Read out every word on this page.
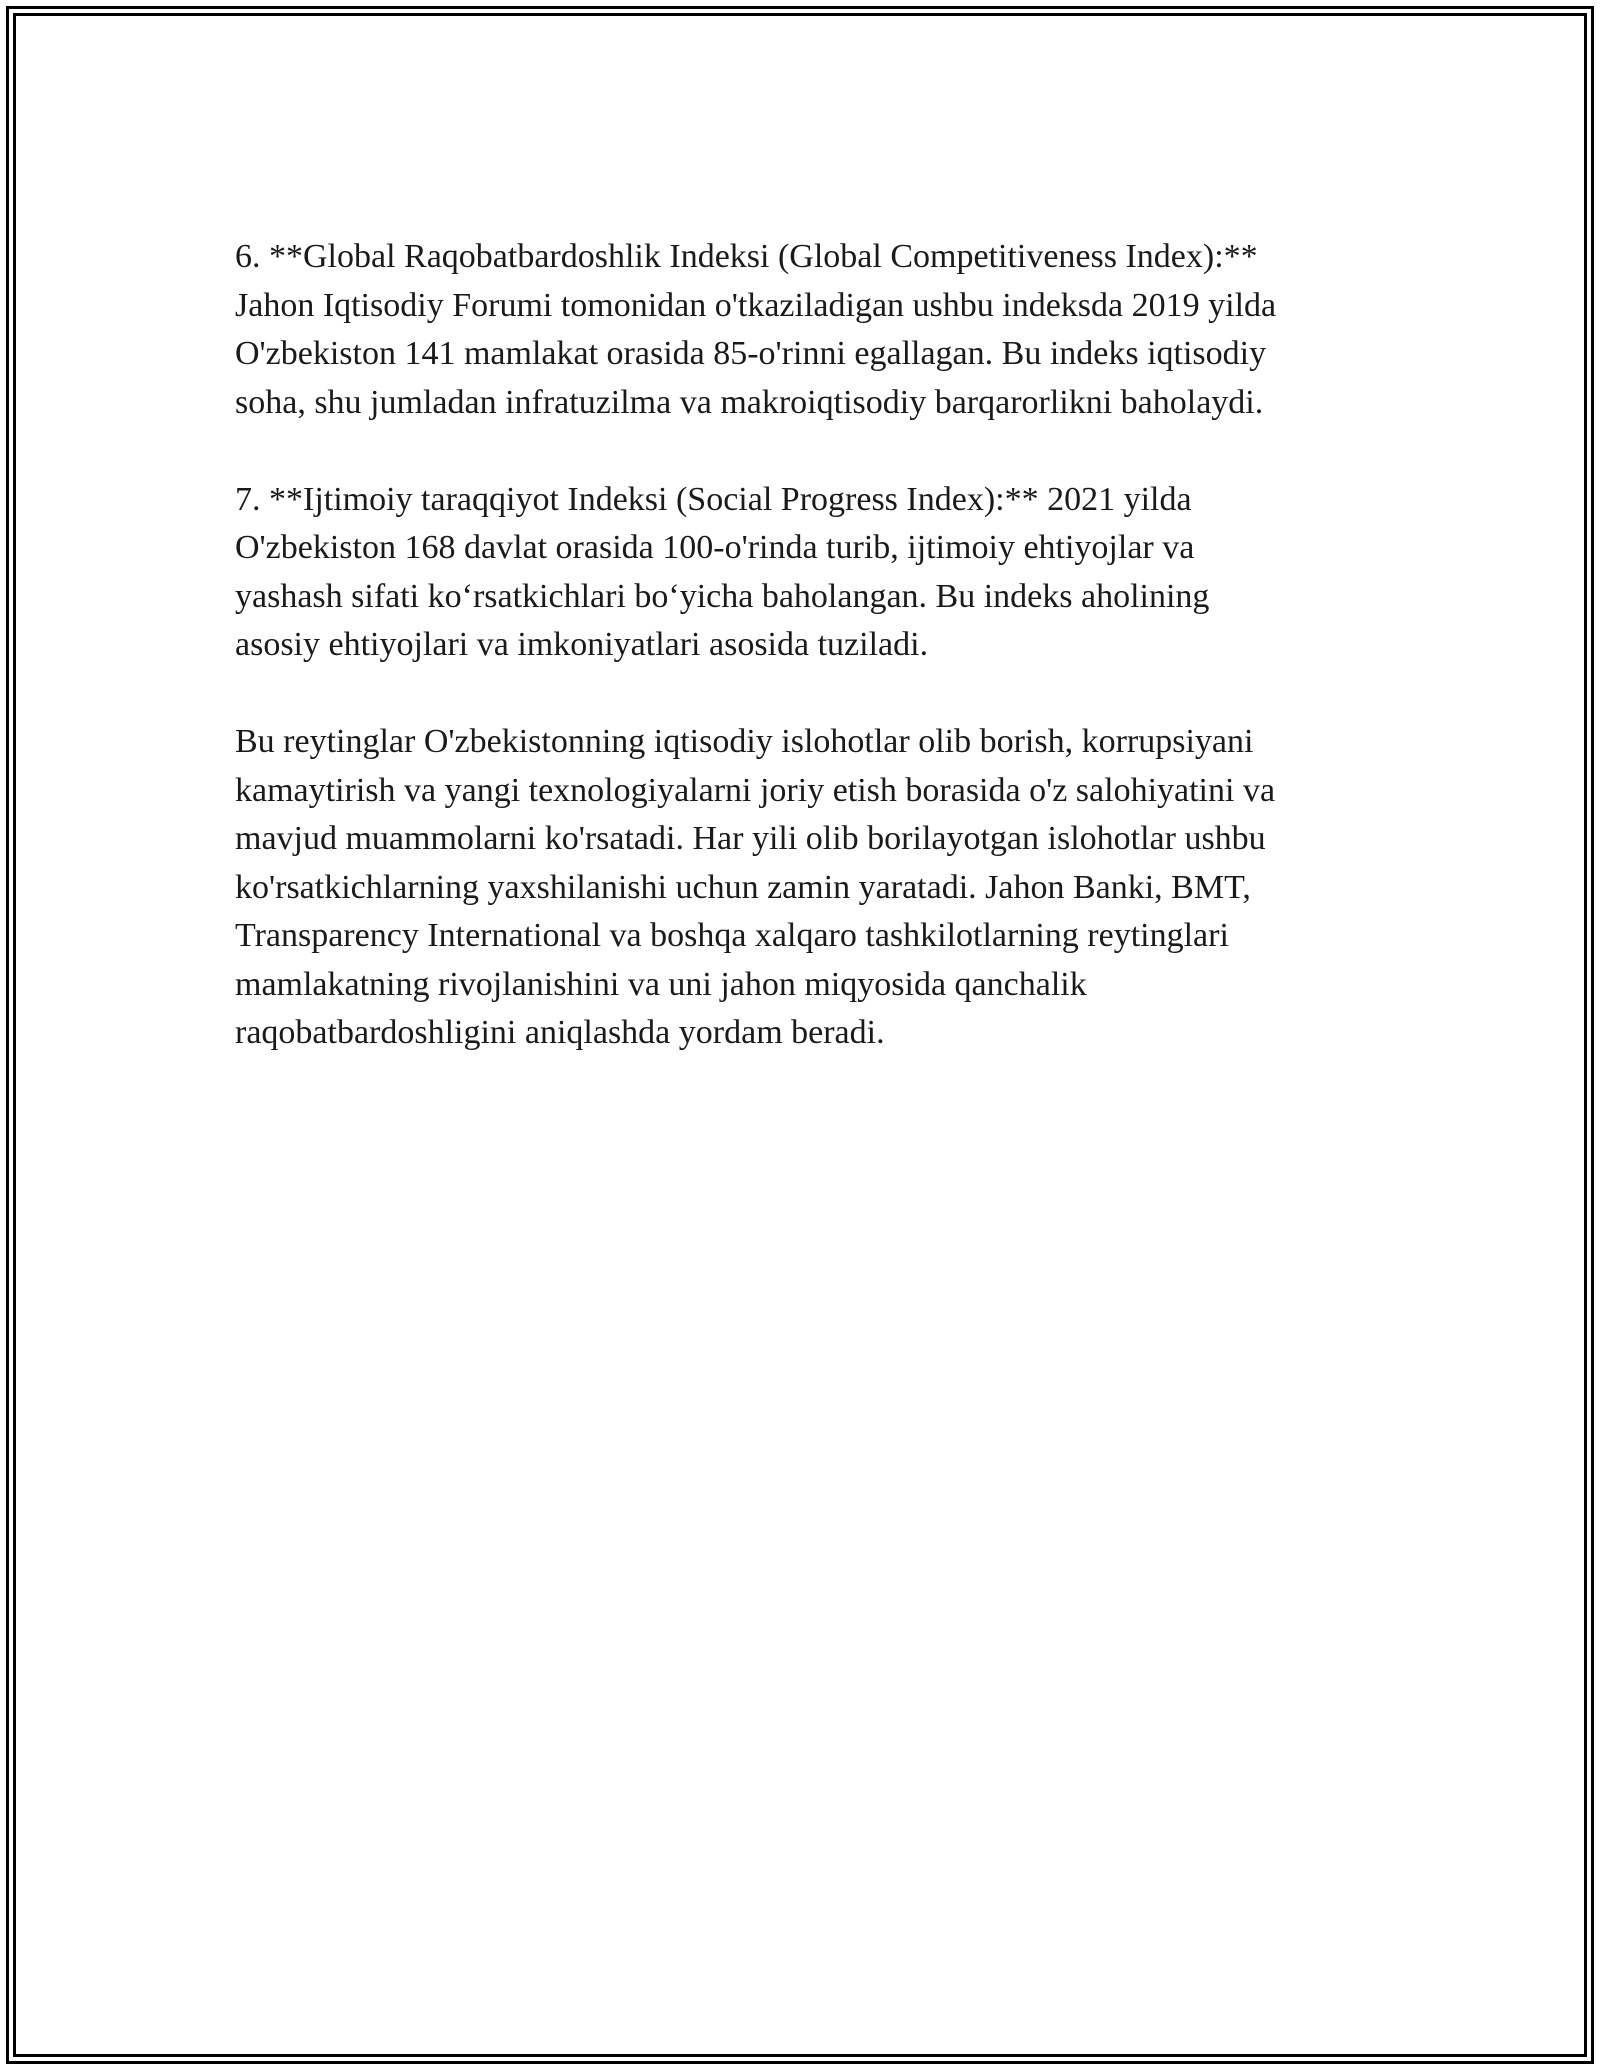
6. **Global Raqobatbardoshlik Indeksi (Global Competitiveness Index):**
Jahon Iqtisodiy Forumi tomonidan o'tkaziladigan ushbu indeksda 2019 yilda
O'zbekiston 141 mamlakat orasida 85-o'rinni egallagan. Bu indeks iqtisodiy
soha, shu jumladan infratuzilma va makroiqtisodiy barqarorlikni baholaydi.

7. **Ijtimoiy taraqqiyot Indeksi (Social Progress Index):** 2021 yilda
O'zbekiston 168 davlat orasida 100-o'rinda turib, ijtimoiy ehtiyojlar va
yashash sifati ko‘rsatkichlari bo‘yicha baholangan. Bu indeks aholining
asosiy ehtiyojlari va imkoniyatlari asosida tuziladi.

Bu reytinglar O'zbekistonning iqtisodiy islohotlar olib borish, korrupsiyani
kamaytirish va yangi texnologiyalarni joriy etish borasida o'z salohiyatini va
mavjud muammolarni ko'rsatadi. Har yili olib borilayotgan islohotlar ushbu
ko'rsatkichlarning yaxshilanishi uchun zamin yaratadi. Jahon Banki, BMT,
Transparency International va boshqa xalqaro tashkilotlarning reytinglari
mamlakatning rivojlanishini va uni jahon miqyosida qanchalik
raqobatbardoshligini aniqlashda yordam beradi.
